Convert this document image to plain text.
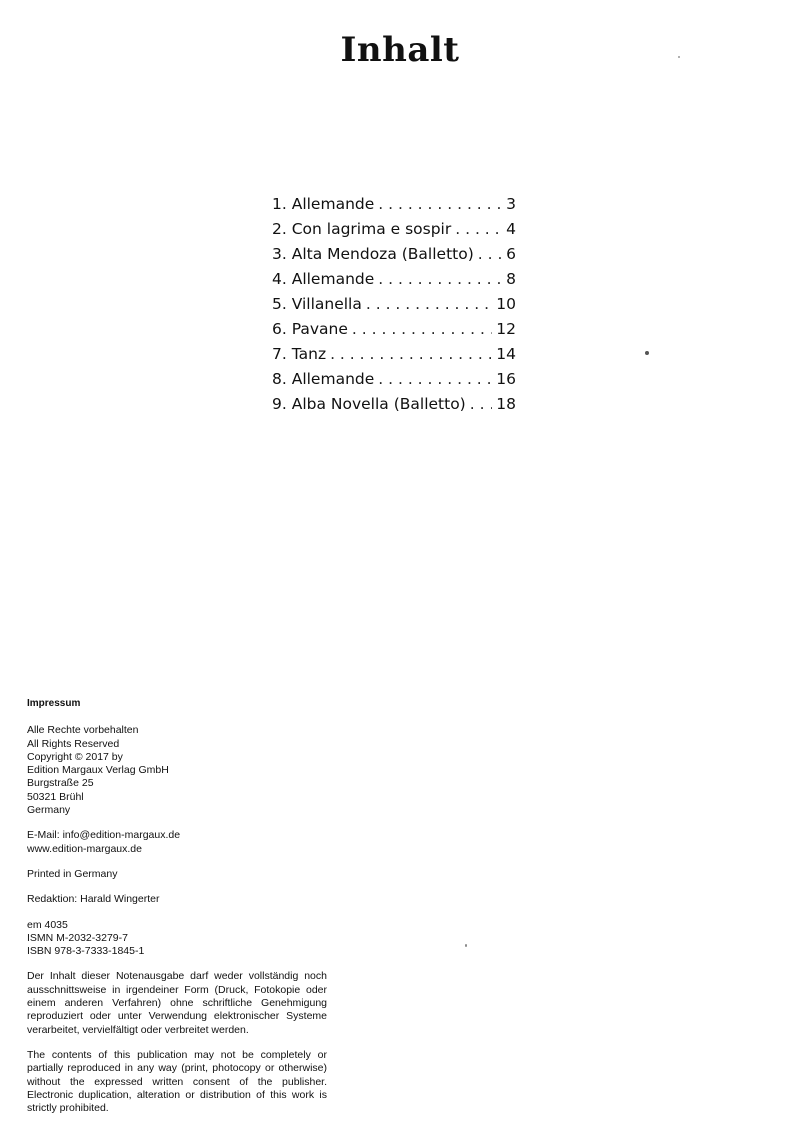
Inhalt
1. Allemande . . .	3
2. Con lagrima e sospir . . .	4
3. Alta Mendoza (Balletto) . . . 6
4. Allemande . . .	8
5. Villanella . . .	10
6. Pavane . . .	12
7. Tanz . . .	14
8. Allemande . . .	16
9. Alba Novella (Balletto) . . . 18
Impressum
Alle Rechte vorbehalten
All Rights Reserved
Copyright © 2017 by
Edition Margaux Verlag GmbH
Burgstraße 25
50321 Brühl
Germany
E-Mail: info@edition-margaux.de
www.edition-margaux.de
Printed in Germany
Redaktion: Harald Wingerter
em 4035
ISMN M-2032-3279-7
ISBN 978-3-7333-1845-1
Der Inhalt dieser Notenausgabe darf weder vollständig noch ausschnittsweise in irgendeiner Form (Druck, Fotokopie oder einem anderen Verfahren) ohne schriftliche Genehmigung reproduziert oder unter Verwendung elektronischer Systeme verarbeitet, vervielfältigt oder verbreitet werden.
The contents of this publication may not be completely or partially reproduced in any way (print, photocopy or otherwise) without the expressed written consent of the publisher. Electronic duplication, alteration or distribution of this work is strictly prohibited.
